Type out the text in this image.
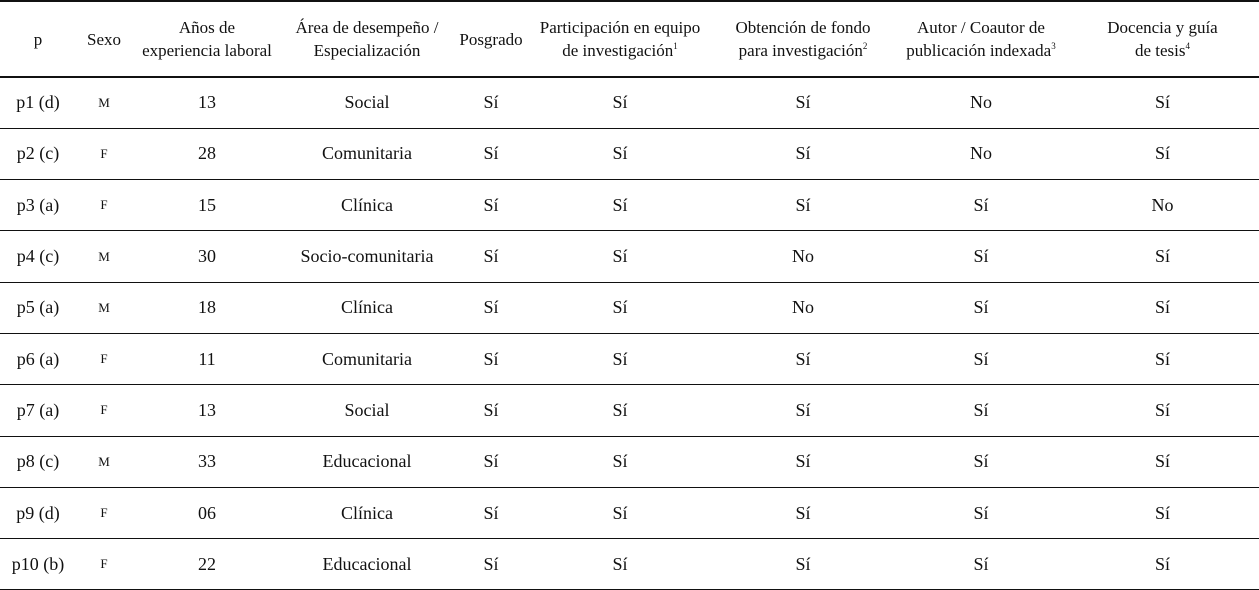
p	Sexo	Años de
experiencia laboral	Área de desempeño /
Especialización	Posgrado	Participación en equipo
de investigación$^1$	Obtención de fondo
para investigación$^2$	Autor / Coautor de
publicación indexada$^3$	Docencia y guía
de tesis$^4$
p1 (d)	M	13	Social	Sí	Sí	Sí	No	Sí
p2 (c)	F	28	Comunitaria	Sí	Sí	Sí	No	Sí
p3 (a)	F	15	Clínica	Sí	Sí	Sí	Sí	No
p4 (c)	M	30	Socio-comunitaria	Sí	Sí	No	Sí	Sí
p5 (a)	M	18	Clínica	Sí	Sí	No	Sí	Sí
p6 (a)	F	11	Comunitaria	Sí	Sí	Sí	Sí	Sí
p7 (a)	F	13	Social	Sí	Sí	Sí	Sí	Sí
p8 (c)	M	33	Educacional	Sí	Sí	Sí	Sí	Sí
p9 (d)	F	06	Clínica	Sí	Sí	Sí	Sí	Sí
p10 (b)	F	22	Educacional	Sí	Sí	Sí	Sí	Sí
